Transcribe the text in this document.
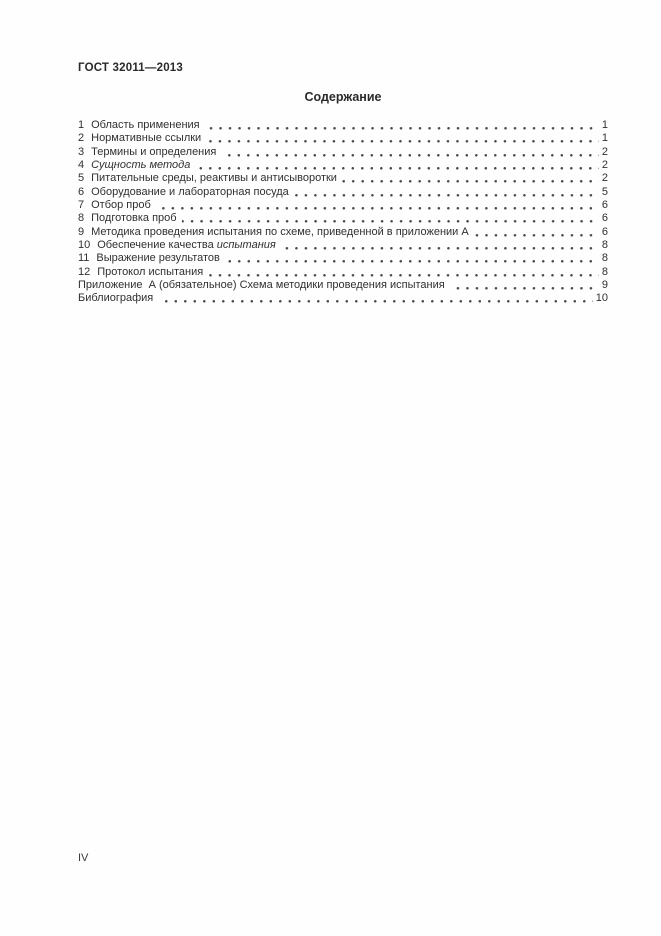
ГОСТ 32011—2013
Содержание
1 Область применения	1
2 Нормативные ссылки	1
3 Термины и определения	2
4 Сущность метода	2
5 Питательные среды, реактивы и антисыворотки	2
6 Оборудование и лабораторная посуда	5
7 Отбор проб	6
8 Подготовка проб	6
9 Методика проведения испытания по схеме, приведенной в приложении А	6
10 Обеспечение качества испытания	8
11 Выражение результатов	8
12 Протокол испытания	8
Приложение  А (обязательное) Схема методики проведения испытания	9
Библиография	10
IV
